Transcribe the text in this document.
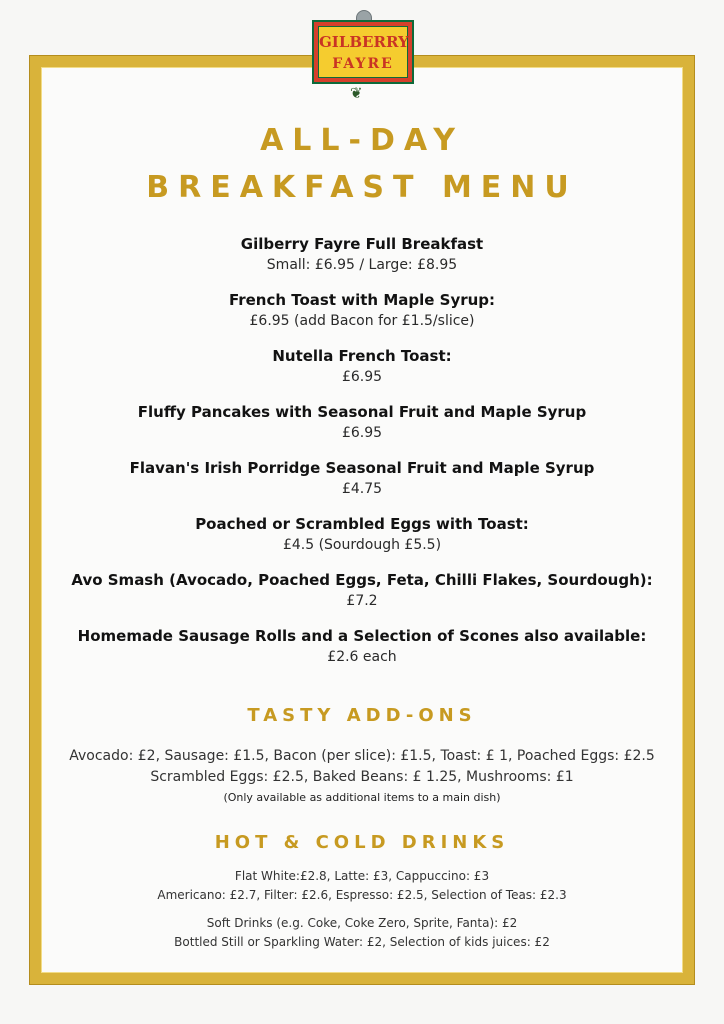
GILBERRY
FAYRE
❦
ALL-DAY
BREAKFAST MENU
Gilberry Fayre Full Breakfast
Small: £6.95 / Large: £8.95
French Toast with Maple Syrup:
£6.95 (add Bacon for £1.5/slice)
Nutella French Toast:
£6.95
Fluffy Pancakes with Seasonal Fruit and Maple Syrup
£6.95
Flavan's Irish Porridge Seasonal Fruit and Maple Syrup
£4.75
Poached or Scrambled Eggs with Toast:
£4.5 (Sourdough £5.5)
Avo Smash (Avocado, Poached Eggs, Feta, Chilli Flakes, Sourdough):
£7.2
Homemade Sausage Rolls and a Selection of Scones also available:
£2.6 each
TASTY ADD-ONS
Avocado: £2, Sausage: £1.5, Bacon (per slice): £1.5, Toast: £ 1, Poached Eggs: £2.5
Scrambled Eggs: £2.5, Baked Beans: £ 1.25, Mushrooms: £1
(Only available as additional items to a main dish)
HOT & COLD DRINKS
Flat White:£2.8, Latte: £3, Cappuccino: £3
Americano: £2.7, Filter: £2.6, Espresso: £2.5, Selection of Teas: £2.3
Soft Drinks (e.g. Coke, Coke Zero, Sprite, Fanta): £2
Bottled Still or Sparkling Water: £2, Selection of kids juices: £2
